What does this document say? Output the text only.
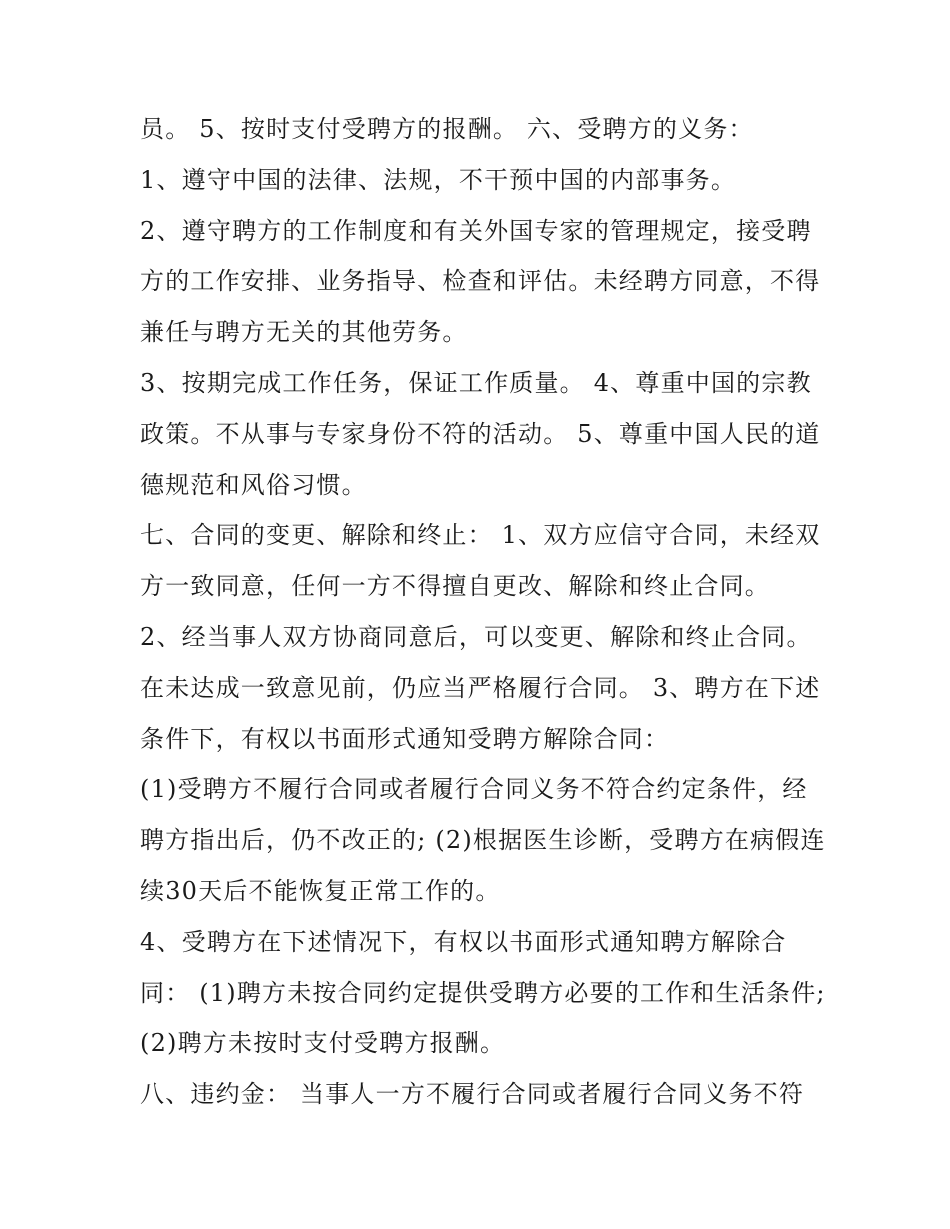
员。 5、按时支付受聘方的报酬。 六、受聘方的义务：
1、遵守中国的法律、法规，不干预中国的内部事务。
2、遵守聘方的工作制度和有关外国专家的管理规定，接受聘
方的工作安排、业务指导、检查和评估。未经聘方同意，不得
兼任与聘方无关的其他劳务。
3、按期完成工作任务，保证工作质量。 4、尊重中国的宗教
政策。不从事与专家身份不符的活动。 5、尊重中国人民的道
德规范和风俗习惯。
七、合同的变更、解除和终止： 1、双方应信守合同，未经双
方一致同意，任何一方不得擅自更改、解除和终止合同。
2、经当事人双方协商同意后，可以变更、解除和终止合同。
在未达成一致意见前，仍应当严格履行合同。 3、聘方在下述
条件下，有权以书面形式通知受聘方解除合同：
(1)受聘方不履行合同或者履行合同义务不符合约定条件，经
聘方指出后，仍不改正的; (2)根据医生诊断，受聘方在病假连
续30天后不能恢复正常工作的。
4、受聘方在下述情况下，有权以书面形式通知聘方解除合
同： (1)聘方未按合同约定提供受聘方必要的工作和生活条件;
(2)聘方未按时支付受聘方报酬。
八、违约金： 当事人一方不履行合同或者履行合同义务不符
